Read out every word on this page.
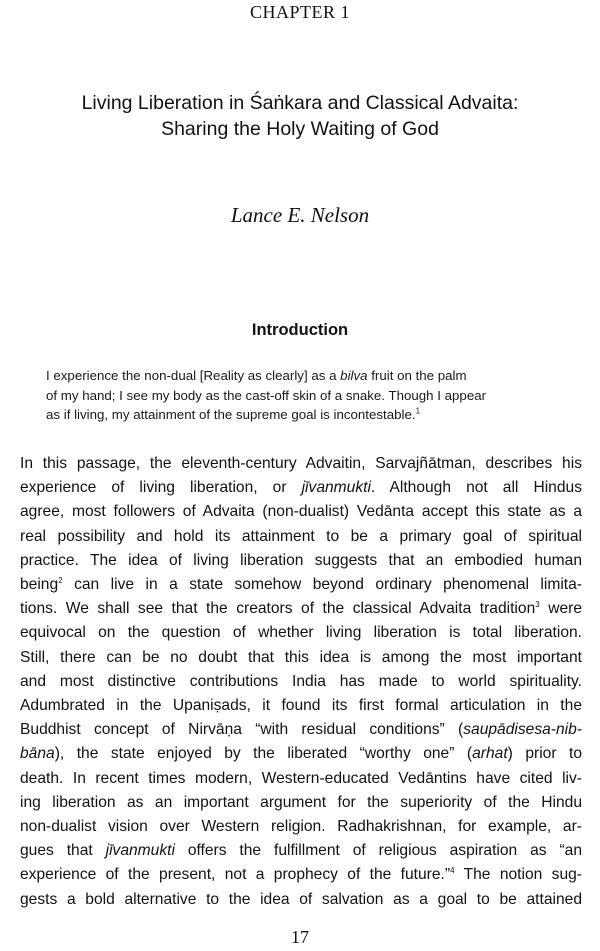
CHAPTER 1
Living Liberation in Śaṅkara and Classical Advaita:
Sharing the Holy Waiting of God
Lance E. Nelson
Introduction
I experience the non-dual [Reality as clearly] as a bilva fruit on the palm
of my hand; I see my body as the cast-off skin of a snake. Though I appear
as if living, my attainment of the supreme goal is incontestable.$^1$
In this passage, the eleventh-century Advaitin, Sarvajñātman, describes his
experience of living liberation, or jīvanmukti. Although not all Hindus
agree, most followers of Advaita (non-dualist) Vedānta accept this state as a
real possibility and hold its attainment to be a primary goal of spiritual
practice. The idea of living liberation suggests that an embodied human
being$^2$ can live in a state somehow beyond ordinary phenomenal limita-
tions. We shall see that the creators of the classical Advaita tradition$^3$ were
equivocal on the question of whether living liberation is total liberation.
Still, there can be no doubt that this idea is among the most important
and most distinctive contributions India has made to world spirituality.
Adumbrated in the Upaniṣads, it found its first formal articulation in the
Buddhist concept of Nirvāṇa “with residual conditions” (saupādisesa-nib-
bāna), the state enjoyed by the liberated “worthy one” (arhat) prior to
death. In recent times modern, Western-educated Vedāntins have cited liv-
ing liberation as an important argument for the superiority of the Hindu
non-dualist vision over Western religion. Radhakrishnan, for example, ar-
gues that jīvanmukti offers the fulfillment of religious aspiration as “an
experience of the present, not a prophecy of the future.”$^4$ The notion sug-
gests a bold alternative to the idea of salvation as a goal to be attained
17
